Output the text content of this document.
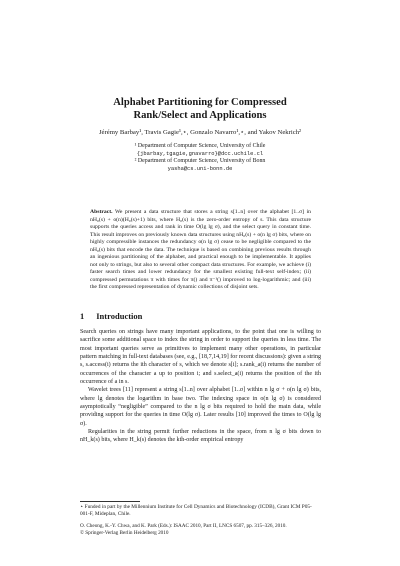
Alphabet Partitioning for Compressed
Rank/Select and Applications
Jérémy Barbay¹, Travis Gagie¹,⋆, Gonzalo Navarro¹,⋆, and Yakov Nekrich²
¹ Department of Computer Science, University of Chile
{jbarbay,tgagie,gnavarro}@dcc.uchile.cl
² Department of Computer Science, University of Bonn
yasha@cs.uni-bonn.de
Abstract. We present a data structure that stores a string s[1..n] over the alphabet [1..σ] in nH₀(s) + o(n)(H₀(s)+1) bits, where H₀(s) is the zero-order entropy of s. This data structure supports the queries access and rank in time O(lg lg σ), and the select query in constant time. This result improves on previously known data structures using nH₀(s) + o(n lg σ) bits, where on highly compressible instances the redundancy o(n lg σ) cease to be negligible compared to the nH₀(s) bits that encode the data. The technique is based on combining previous results through an ingenious partitioning of the alphabet, and practical enough to be implementable. It applies not only to strings, but also to several other compact data structures. For example, we achieve (i) faster search times and lower redundancy for the smallest existing full-text self-index; (ii) compressed permutations π with times for π() and π⁻¹() improved to log-logarithmic; and (iii) the first compressed representation of dynamic collections of disjoint sets.
1 Introduction

Search queries on strings have many important applications, to the point that one is willing to sacrifice some additional space to index the string in order to support the queries in less time. The most important queries serve as primitives to implement many other operations, in particular pattern matching in full-text databases (see, e.g., [18,7,14,19] for recent discussions): given a string s, s.access(i) returns the ith character of s, which we denote s[i]; s.rank_a(i) returns the number of occurrences of the character a up to position i; and s.select_a(i) returns the position of the ith occurrence of a in s.

Wavelet trees [11] represent a string s[1..n] over alphabet [1..σ] within n lg σ + o(n lg σ) bits, where lg denotes the logarithm in base two. The indexing space in o(n lg σ) is considered asymptotically “negligible” compared to the n lg σ bits required to hold the main data, while providing support for the queries in time O(lg σ). Later results [10] improved the times to O(lg lg σ).

Regularities in the string permit further reductions in the space, from n lg σ bits down to nH_k(s) bits, where H_k(s) denotes the kth-order empirical entropy

⋆ Funded in part by the Millennium Institute for Cell Dynamics and Biotechnology (ICDB), Grant ICM P05-001-F, Mideplan, Chile.

O. Cheong, K.-Y. Chwa, and K. Park (Eds.): ISAAC 2010, Part II, LNCS 6507, pp. 315–326, 2010.
© Springer-Verlag Berlin Heidelberg 2010
